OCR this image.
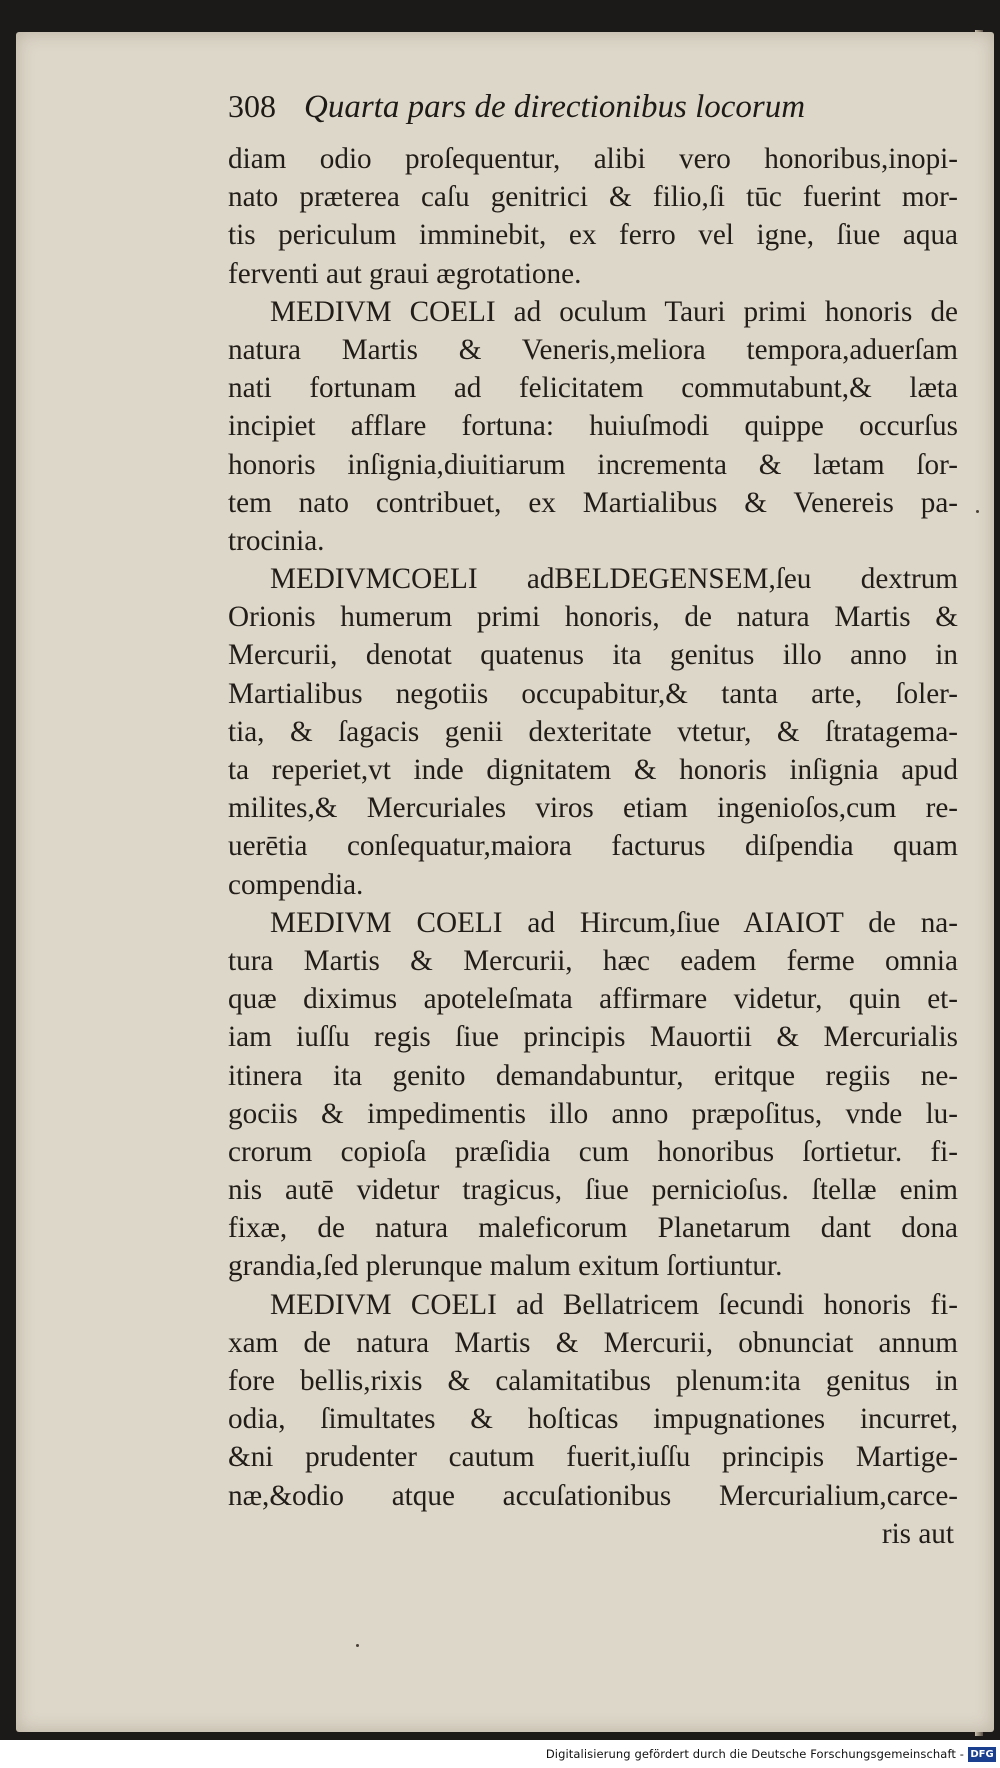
308 Quarta pars de directionibus locorum
diam odio proſequentur, alibi vero honoribus,inopi-
nato præterea caſu genitrici & filio,ſi tūc fuerint mor-
tis periculum imminebit, ex ferro vel igne, ſiue aqua
ferventi aut graui ægrotatione.
MEDIVM COELI ad oculum Tauri primi honoris de
natura Martis & Veneris,meliora tempora,aduerſam
nati fortunam ad felicitatem commutabunt,& læta
incipiet afflare fortuna: huiuſmodi quippe occurſus
honoris inſignia,diuitiarum incrementa & lætam ſor-
tem nato contribuet, ex Martialibus & Venereis pa-
trocinia.
MEDIVMCOELI adBELDEGENSEM,ſeu dextrum
Orionis humerum primi honoris, de natura Martis &
Mercurii, denotat quatenus ita genitus illo anno in
Martialibus negotiis occupabitur,& tanta arte, ſoler-
tia, & ſagacis genii dexteritate vtetur, & ſtratagema-
ta reperiet,vt inde dignitatem & honoris inſignia apud
milites,& Mercuriales viros etiam ingenioſos,cum re-
uerētia conſequatur,maiora facturus diſpendia quam
compendia.
MEDIVM COELI ad Hircum,ſiue AIAIOT de na-
tura Martis & Mercurii, hæc eadem ferme omnia
quæ diximus apoteleſmata affirmare videtur, quin et-
iam iuſſu regis ſiue principis Mauortii & Mercurialis
itinera ita genito demandabuntur, eritque regiis ne-
gociis & impedimentis illo anno præpoſitus, vnde lu-
crorum copioſa præſidia cum honoribus ſortietur. fi-
nis autē videtur tragicus, ſiue pernicioſus. ſtellæ enim
fixæ, de natura maleficorum Planetarum dant dona
grandia,ſed plerunque malum exitum ſortiuntur.
MEDIVM COELI ad Bellatricem ſecundi honoris fi-
xam de natura Martis & Mercurii, obnunciat annum
fore bellis,rixis & calamitatibus plenum:ita genitus in
odia, ſimultates & hoſticas impugnationes incurret,
&ni prudenter cautum fuerit,iuſſu principis Martige-
næ,&odio atque accuſationibus Mercurialium,carce-
ris aut
Digitalisierung gefördert durch die Deutsche Forschungsgemeinschaft - DFG
